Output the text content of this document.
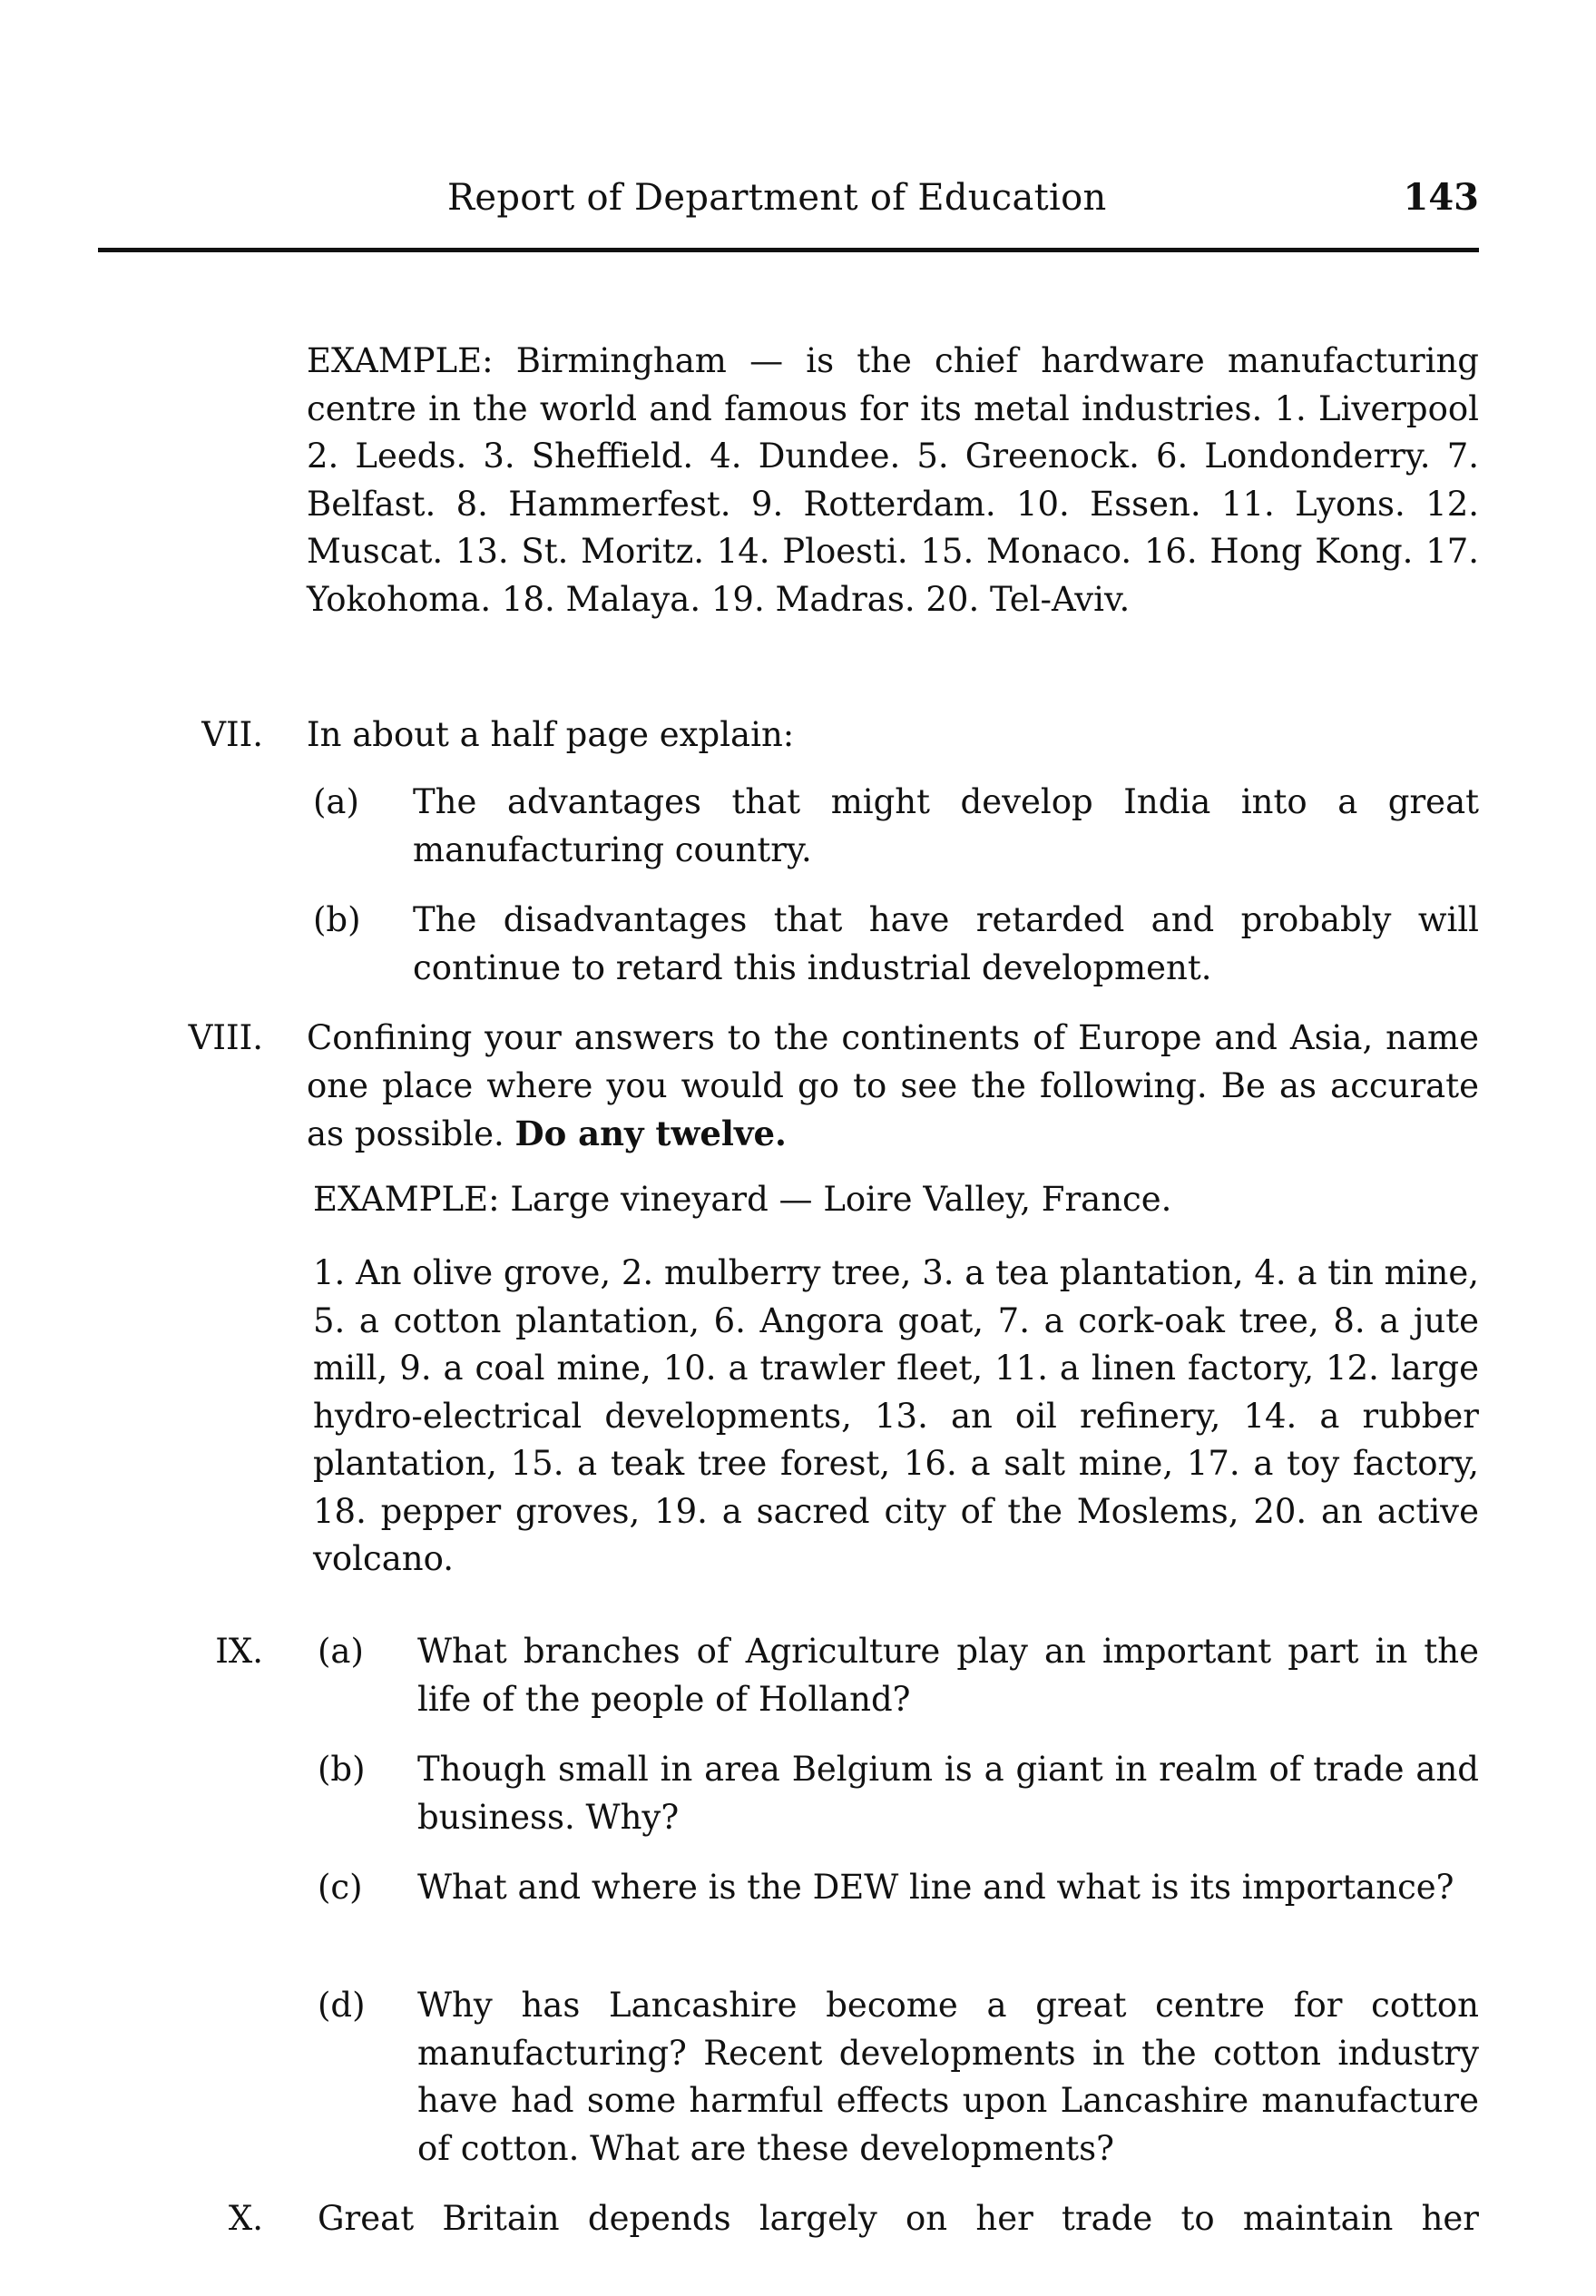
Report of Department of Education	143
EXAMPLE: Birmingham — is the chief hardware manufacturing centre in the world and famous for its metal industries. 1. Liverpool 2. Leeds. 3. Sheffield. 4. Dundee. 5. Greenock. 6. Londonderry. 7. Belfast. 8. Hammerfest. 9. Rotterdam. 10. Essen. 11. Lyons. 12. Muscat. 13. St. Moritz. 14. Ploesti. 15. Monaco. 16. Hong Kong. 17. Yokohoma. 18. Malaya. 19. Madras. 20. Tel-Aviv.
VII. In about a half page explain:
(a) The advantages that might develop India into a great manufacturing country.
(b) The disadvantages that have retarded and probably will continue to retard this industrial development.
VIII. Confining your answers to the continents of Europe and Asia, name one place where you would go to see the following. Be as accurate as possible. Do any twelve.
EXAMPLE: Large vineyard — Loire Valley, France.
1. An olive grove, 2. mulberry tree, 3. a tea plantation, 4. a tin mine, 5. a cotton plantation, 6. Angora goat, 7. a cork-oak tree, 8. a jute mill, 9. a coal mine, 10. a trawler fleet, 11. a linen factory, 12. large hydro-electrical developments, 13. an oil refinery, 14. a rubber plantation, 15. a teak tree forest, 16. a salt mine, 17. a toy factory, 18. pepper groves, 19. a sacred city of the Moslems, 20. an active volcano.
IX. (a) What branches of Agriculture play an important part in the life of the people of Holland?
(b) Though small in area Belgium is a giant in realm of trade and business. Why?
(c) What and where is the DEW line and what is its importance?
(d) Why has Lancashire become a great centre for cotton manufacturing? Recent developments in the cotton industry have had some harmful effects upon Lancashire manufacture of cotton. What are these developments?
X. Great Britain depends largely on her trade to maintain her
